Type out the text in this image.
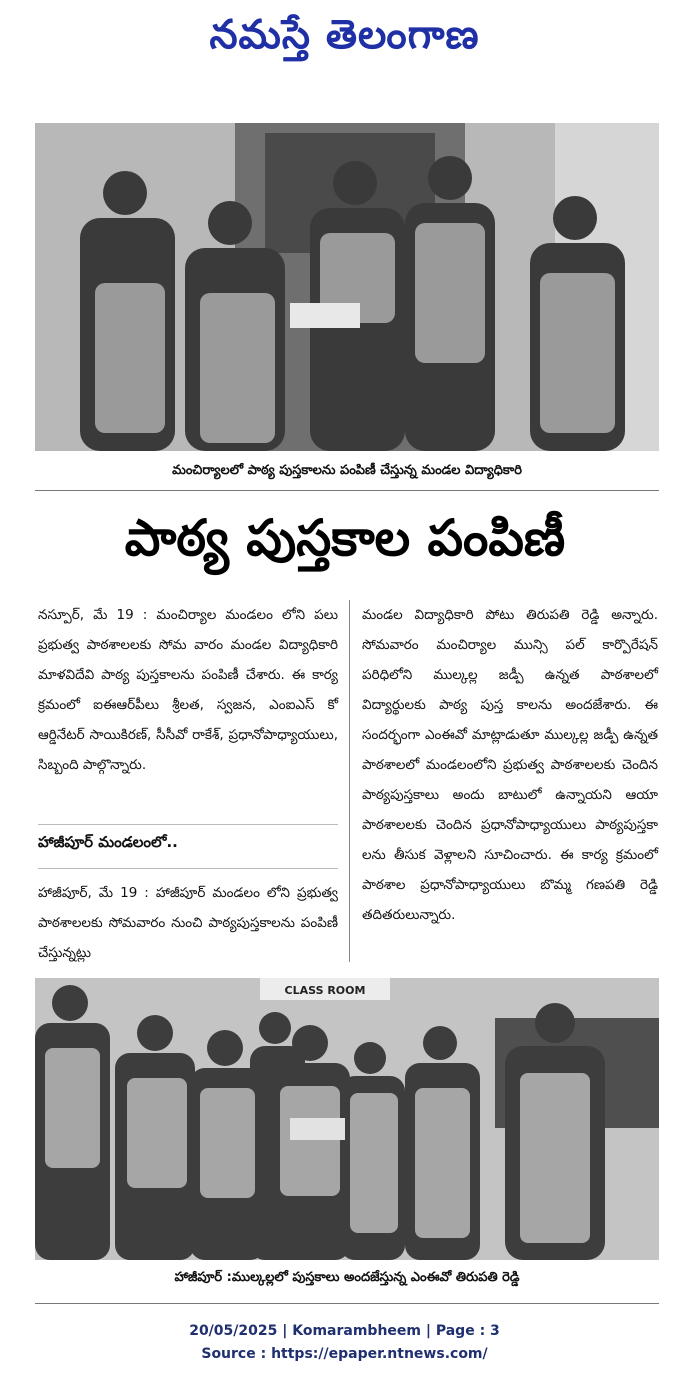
నమస్తే తెలంగాణ
మంచిర్యాలలో పాఠ్య పుస్తకాలను పంపిణీ చేస్తున్న మండల విద్యాధికారి
పాఠ్య పుస్తకాల పంపిణీ

నస్పూర్, మే 19 : మంచిర్యాల మండలం లోని పలు ప్రభుత్వ పాఠశాలలకు సోమ వారం మండల విద్యాధికారి మాళవిదేవి పాఠ్య పుస్తకాలను పంపిణీ చేశారు. ఈ కార్య క్రమంలో ఐఈఆర్‌పీలు శ్రీలత, స్వజన, ఎంఐఎస్ కో ఆర్డినేటర్ సాయికిరణ్, సీసీవో రాకేశ్, ప్రధానోపాధ్యాయులు, సిబ్బంది పాల్గొన్నారు.

హాజీపూర్ మండలంలో..

హాజీపూర్, మే 19 : హాజీపూర్ మండలం లోని ప్రభుత్వ పాఠశాలలకు సోమవారం నుంచి పాఠ్యపుస్తకాలను పంపిణీ చేస్తున్నట్లు

మండల విద్యాధికారి పోటు తిరుపతి రెడ్డి అన్నారు. సోమవారం మంచిర్యాల మున్సి పల్ కార్పొరేషన్ పరిధిలోని ముల్కల్ల జడ్పీ ఉన్నత పాఠశాలలో విద్యార్థులకు పాఠ్య పుస్త కాలను అందజేశారు. ఈ సందర్భంగా ఎంఈవో మాట్లాడుతూ ముల్కల్ల జడ్పీ ఉన్నత పాఠశాలలో మండలంలోని ప్రభుత్వ పాఠశాలలకు చెందిన పాఠ్యపుస్తకాలు అందు బాటులో ఉన్నాయని ఆయా పాఠశాలలకు చెందిన ప్రధానోపాధ్యాయులు పాఠ్యపుస్తకా లను తీసుక వెళ్లాలని సూచించారు. ఈ కార్య క్రమంలో పాఠశాల ప్రధానోపాధ్యాయులు బొమ్మ గణపతి రెడ్డి తదితరులున్నారు.

CLASS ROOM
హాజీపూర్ :ముల్కల్లలో పుస్తకాలు అందజేస్తున్న ఎంఈవో తిరుపతి రెడ్డి
20/05/2025 | Komarambheem | Page : 3
Source : https://epaper.ntnews.com/
